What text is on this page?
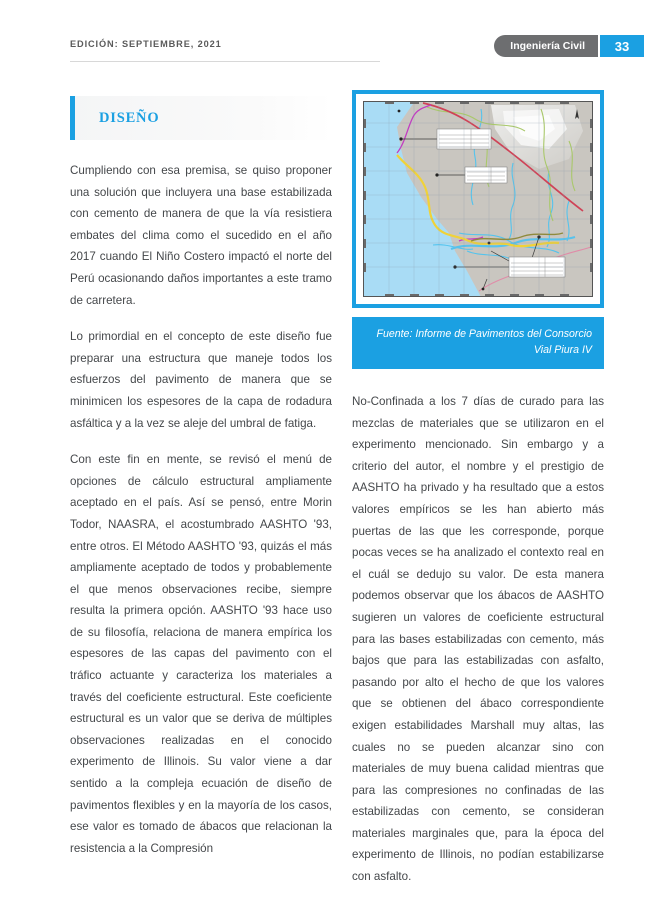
EDICIÓN: SEPTIEMBRE, 2021	Ingeniería Civil 33
DISEÑO

Cumpliendo con esa premisa, se quiso proponer una solución que incluyera una base estabilizada con cemento de manera de que la vía resistiera embates del clima como el sucedido en el año 2017 cuando El Niño Costero impactó el norte del Perú ocasionando daños importantes a este tramo de carretera.

Lo primordial en el concepto de este diseño fue preparar una estructura que maneje todos los esfuerzos del pavimento de manera que se minimicen los espesores de la capa de rodadura asfáltica y a la vez se aleje del umbral de fatiga.

Con este fin en mente, se revisó el menú de opciones de cálculo estructural ampliamente aceptado en el país. Así se pensó, entre Morin Todor, NAASRA, el acostumbrado AASHTO '93, entre otros. El Método AASHTO '93, quizás el más ampliamente aceptado de todos y probablemente el que menos observaciones recibe, siempre resulta la primera opción. AASHTO '93 hace uso de su filosofía, relaciona de manera empírica los espesores de las capas del pavimento con el tráfico actuante y caracteriza los materiales a través del coeficiente estructural. Este coeficiente estructural es un valor que se deriva de múltiples observaciones realizadas en el conocido experimento de Illinois. Su valor viene a dar sentido a la compleja ecuación de diseño de pavimentos flexibles y en la mayoría de los casos, ese valor es tomado de ábacos que relacionan la resistencia a la Compresión

Fuente: Informe de Pavimentos del Consorcio Vial Piura IV

No-Confinada a los 7 días de curado para las mezclas de materiales que se utilizaron en el experimento mencionado. Sin embargo y a criterio del autor, el nombre y el prestigio de AASHTO ha privado y ha resultado que a estos valores empíricos se les han abierto más puertas de las que les corresponde, porque pocas veces se ha analizado el contexto real en el cuál se dedujo su valor. De esta manera podemos observar que los ábacos de AASHTO sugieren un valores de coeficiente estructural para las bases estabilizadas con cemento, más bajos que para las estabilizadas con asfalto, pasando por alto el hecho de que los valores que se obtienen del ábaco correspondiente exigen estabilidades Marshall muy altas, las cuales no se pueden alcanzar sino con materiales de muy buena calidad mientras que para las compresiones no confinadas de las estabilizadas con cemento, se consideran materiales marginales que, para la época del experimento de Illinois, no podían estabilizarse con asfalto.
